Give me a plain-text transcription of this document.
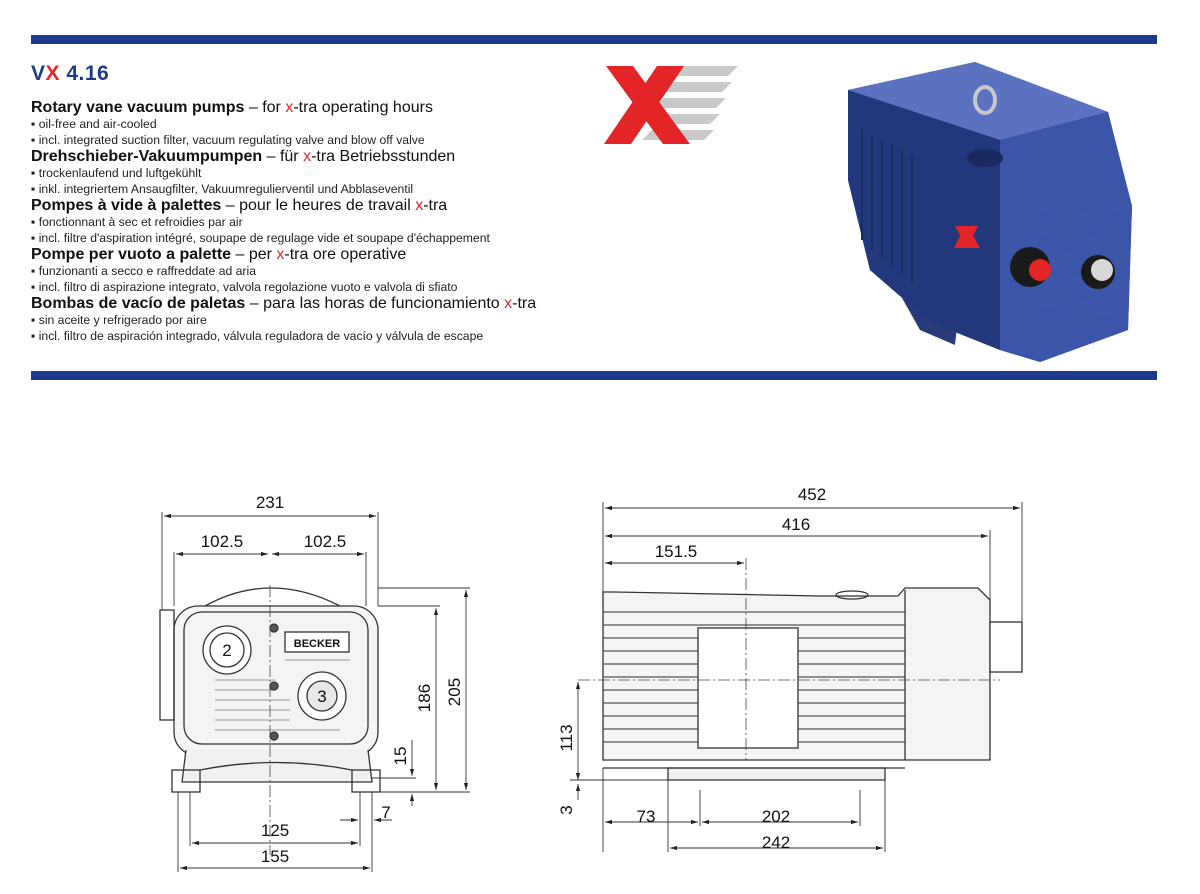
VX 4.16
Rotary vane vacuum pumps – for x-tra operating hours
▪ oil-free and air-cooled
▪ incl. integrated suction filter, vacuum regulating valve and blow off valve
Drehschieber-Vakuumpumpen – für x-tra Betriebsstunden
▪ trockenlaufend und luftgekühlt
▪ inkl. integriertem Ansaugfilter, Vakuumregulierventil und Abblaseventil
Pompes à vide à palettes – pour le heures de travail x-tra
▪ fonctionnant à sec et refroidies par air
▪ incl. filtre d'aspiration intégré, soupape de regulage vide et soupape d'échappement
Pompe per vuoto a palette – per x-tra ore operative
▪ funzionanti a secco e raffreddate ad aria
▪ incl. filtro di aspirazione integrato, valvola regolazione vuoto e valvola di sfiato
Bombas de vacío de paletas – para las horas de funcionamiento x-tra
▪ sin aceite y refrigerado por aire
▪ incl. filtro de aspiración integrado, válvula reguladora de vacío y válvula de escape
2
3
BECKER
231
102.5	102.5
186 205
15
7
125
155
452
416
151.5
113
3	73	202
242
